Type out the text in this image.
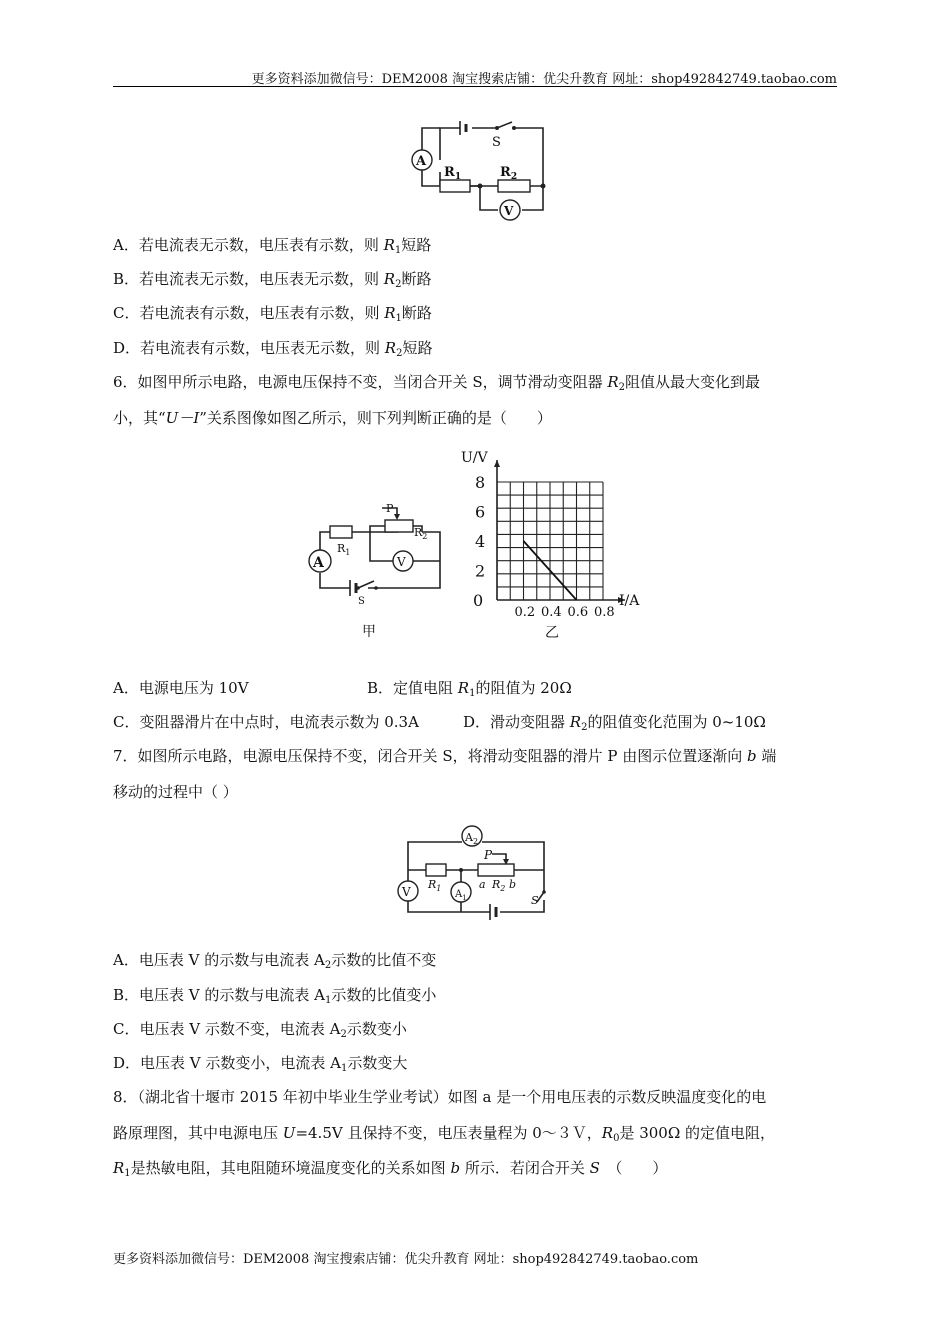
更多资料添加微信号：DEM2008 淘宝搜索店铺：优尖升教育 网址：shop492842749.taobao.com
S
A
V
$R_1$	$R_2$
A．若电流表无示数，电压表有示数，则 $R_1$短路
B．若电流表无示数，电压表无示数，则 $R_2$断路
C．若电流表有示数，电压表有示数，则 $R_1$断路
D．若电流表有示数，电压表无示数，则 $R_2$短路
6．如图甲所示电路，电源电压保持不变，当闭合开关 S，调节滑动变阻器 $R_2$阻值从最大变化到最
小，其“U－I”关系图像如图乙所示，则下列判断正确的是（　　）
P
$R_2$
$R_1$
V
A
S
甲
U/V
I/A
0
2
4
6
8
0.2 0.4 0.6 0.8
乙
A．电源电压为 10V	B．定值电阻 $R_1$的阻值为 20Ω
C．变阻器滑片在中点时，电流表示数为 0.3A	D．滑动变阻器 $R_2$的阻值变化范围为 0~10Ω
7．如图所示电路，电源电压保持不变，闭合开关 S，将滑动变阻器的滑片 P 由图示位置逐渐向 b 端
移动的过程中（ ）
$A_2$
P
$R_1$	a $R_2$ b
$A_1$
V
S
A．电压表 V 的示数与电流表 $A_2$示数的比值不变
B．电压表 V 的示数与电流表 $A_1$示数的比值变小
C．电压表 V 示数不变，电流表 $A_2$示数变小
D．电压表 V 示数变小，电流表 $A_1$示数变大
8．（湖北省十堰市 2015 年初中毕业生学业考试）如图 a 是一个用电压表的示数反映温度变化的电
路原理图，其中电源电压 U=4.5V 且保持不变，电压表量程为 0～３Ｖ，$R_0$是 300Ω 的定值电阻，
$R_1$是热敏电阻，其电阻随环境温度变化的关系如图 b 所示．若闭合开关 S　（　　）
更多资料添加微信号：DEM2008 淘宝搜索店铺：优尖升教育 网址：shop492842749.taobao.com
